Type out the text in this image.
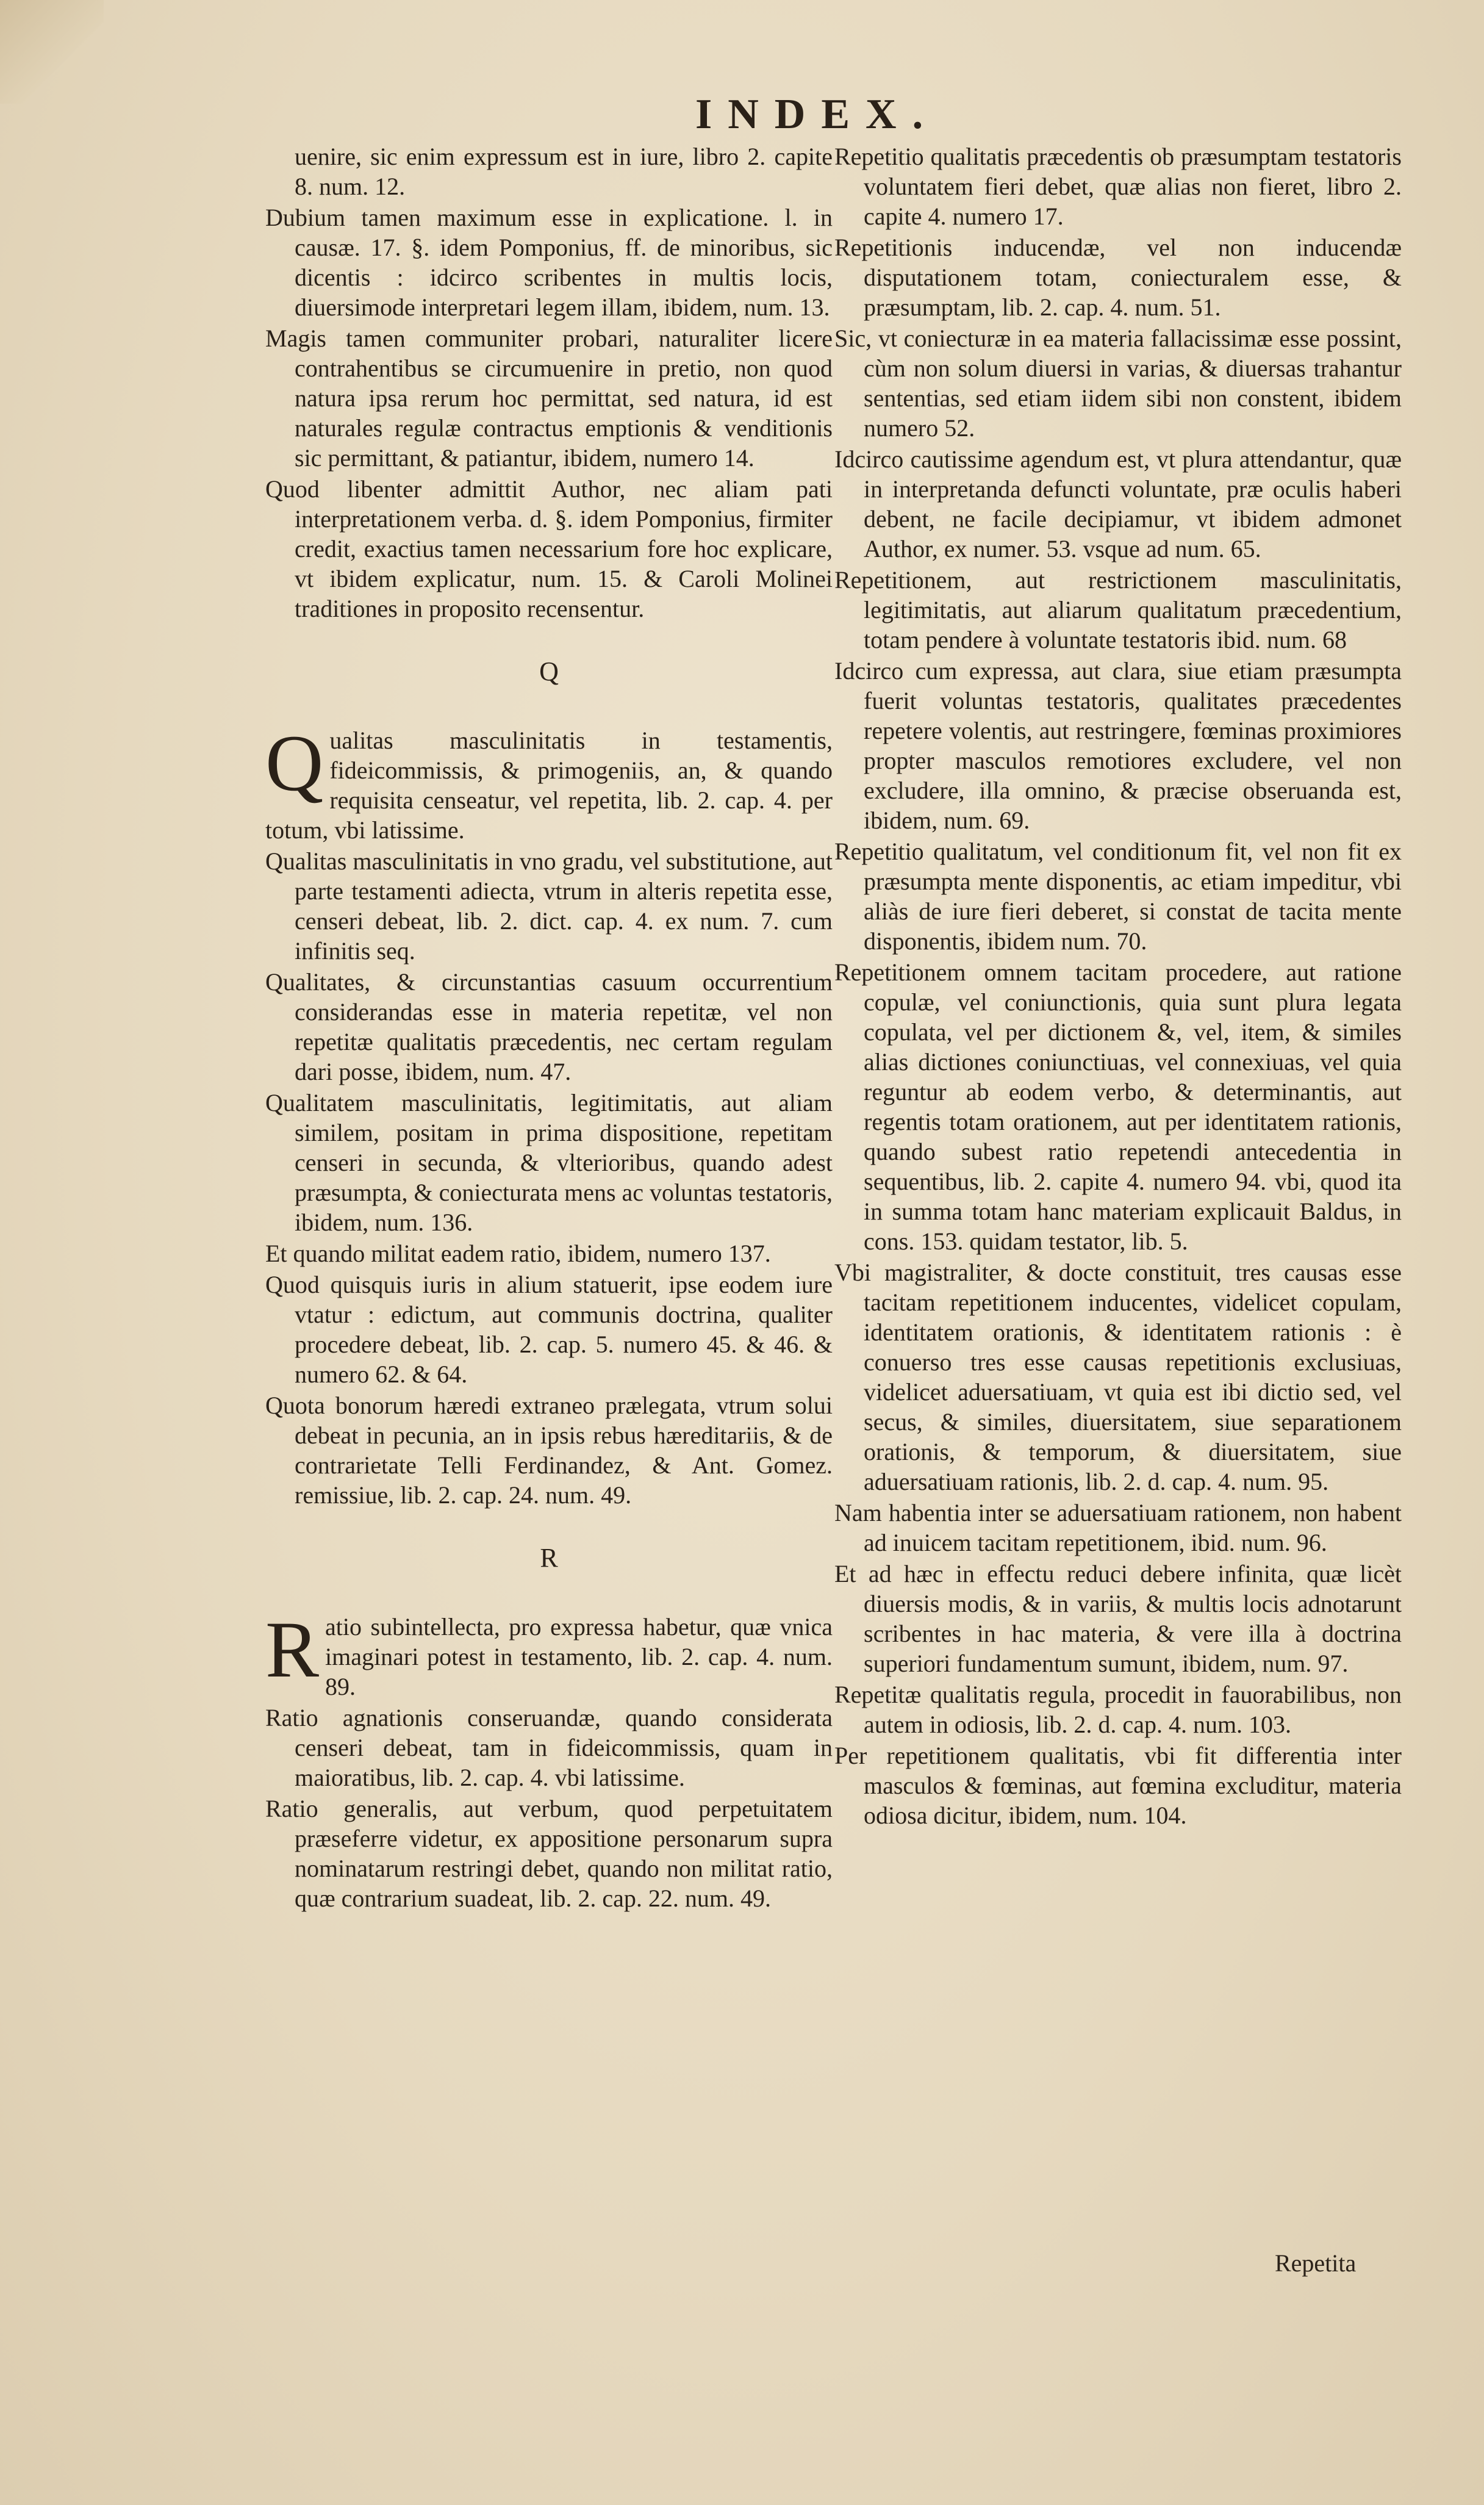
INDEX.

uenire, sic enim expressum est in iure, libro 2. capite 8. num. 12.

Dubium tamen maximum esse in explicatione. l. in causæ. 17. §. idem Pomponius, ff. de minoribus, sic dicentis : idcirco scribentes in multis locis, diuersimode interpretari legem illam, ibidem, num. 13.

Magis tamen communiter probari, naturaliter licere contrahentibus se circumuenire in pretio, non quod natura ipsa rerum hoc permittat, sed natura, id est naturales regulæ contractus emptionis & venditionis sic permittant, & patiantur, ibidem, numero 14.

Quod libenter admittit Author, nec aliam pati interpretationem verba. d. §. idem Pomponius, firmiter credit, exactius tamen necessarium fore hoc explicare, vt ibidem explicatur, num. 15. & Caroli Molinei traditiones in proposito recensentur.

Q

Qualitas masculinitatis in testamentis, fideicommissis, & primogeniis, an, & quando requisita censeatur, vel repetita, lib. 2. cap. 4. per totum, vbi latissime.

Qualitas masculinitatis in vno gradu, vel substitutione, aut parte testamenti adiecta, vtrum in alteris repetita esse, censeri debeat, lib. 2. dict. cap. 4. ex num. 7. cum infinitis seq.

Qualitates, & circunstantias casuum occurrentium considerandas esse in materia repetitæ, vel non repetitæ qualitatis præcedentis, nec certam regulam dari posse, ibidem, num. 47.

Qualitatem masculinitatis, legitimitatis, aut aliam similem, positam in prima dispositione, repetitam censeri in secunda, & vlterioribus, quando adest præsumpta, & coniecturata mens ac voluntas testatoris, ibidem, num. 136.

Et quando militat eadem ratio, ibidem, numero 137.

Quod quisquis iuris in alium statuerit, ipse eodem iure vtatur : edictum, aut communis doctrina, qualiter procedere debeat, lib. 2. cap. 5. numero 45. & 46. & numero 62. & 64.

Quota bonorum hæredi extraneo prælegata, vtrum solui debeat in pecunia, an in ipsis rebus hæreditariis, & de contrarietate Telli Ferdinandez, & Ant. Gomez. remissiue, lib. 2. cap. 24. num. 49.

R

Ratio subintellecta, pro expressa habetur, quæ vnica imaginari potest in testamento, lib. 2. cap. 4. num. 89.

Ratio agnationis conseruandæ, quando considerata censeri debeat, tam in fideicommissis, quam in maioratibus, lib. 2. cap. 4. vbi latissime.

Ratio generalis, aut verbum, quod perpetuitatem præseferre videtur, ex appositione personarum supra nominatarum restringi debet, quando non militat ratio, quæ contrarium suadeat, lib. 2. cap. 22. num. 49.

Repetitio qualitatis præcedentis ob præsumptam testatoris voluntatem fieri debet, quæ alias non fieret, libro 2. capite 4. numero 17.

Repetitionis inducendæ, vel non inducendæ disputationem totam, coniecturalem esse, & præsumptam, lib. 2. cap. 4. num. 51.

Sic, vt coniecturæ in ea materia fallacissimæ esse possint, cùm non solum diuersi in varias, & diuersas trahantur sententias, sed etiam iidem sibi non constent, ibidem numero 52.

Idcirco cautissime agendum est, vt plura attendantur, quæ in interpretanda defuncti voluntate, præ oculis haberi debent, ne facile decipiamur, vt ibidem admonet Author, ex numer. 53. vsque ad num. 65.

Repetitionem, aut restrictionem masculinitatis, legitimitatis, aut aliarum qualitatum præcedentium, totam pendere à voluntate testatoris ibid. num. 68

Idcirco cum expressa, aut clara, siue etiam præsumpta fuerit voluntas testatoris, qualitates præcedentes repetere volentis, aut restringere, fœminas proximiores propter masculos remotiores excludere, vel non excludere, illa omnino, & præcise obseruanda est, ibidem, num. 69.

Repetitio qualitatum, vel conditionum fit, vel non fit ex præsumpta mente disponentis, ac etiam impeditur, vbi aliàs de iure fieri deberet, si constat de tacita mente disponentis, ibidem num. 70.

Repetitionem omnem tacitam procedere, aut ratione copulæ, vel coniunctionis, quia sunt plura legata copulata, vel per dictionem &, vel, item, & similes alias dictiones coniunctiuas, vel connexiuas, vel quia reguntur ab eodem verbo, & determinantis, aut regentis totam orationem, aut per identitatem rationis, quando subest ratio repetendi antecedentia in sequentibus, lib. 2. capite 4. numero 94. vbi, quod ita in summa totam hanc materiam explicauit Baldus, in cons. 153. quidam testator, lib. 5.

Vbi magistraliter, & docte constituit, tres causas esse tacitam repetitionem inducentes, videlicet copulam, identitatem orationis, & identitatem rationis : è conuerso tres esse causas repetitionis exclusiuas, videlicet aduersatiuam, vt quia est ibi dictio sed, vel secus, & similes, diuersitatem, siue separationem orationis, & temporum, & diuersitatem, siue aduersatiuam rationis, lib. 2. d. cap. 4. num. 95.

Nam habentia inter se aduersatiuam rationem, non habent ad inuicem tacitam repetitionem, ibid. num. 96.

Et ad hæc in effectu reduci debere infinita, quæ licèt diuersis modis, & in variis, & multis locis adnotarunt scribentes in hac materia, & vere illa à doctrina superiori fundamentum sumunt, ibidem, num. 97.

Repetitæ qualitatis regula, procedit in fauorabilibus, non autem in odiosis, lib. 2. d. cap. 4. num. 103.

Per repetitionem qualitatis, vbi fit differentia inter masculos & fœminas, aut fœmina excluditur, materia odiosa dicitur, ibidem, num. 104.

Repetita
